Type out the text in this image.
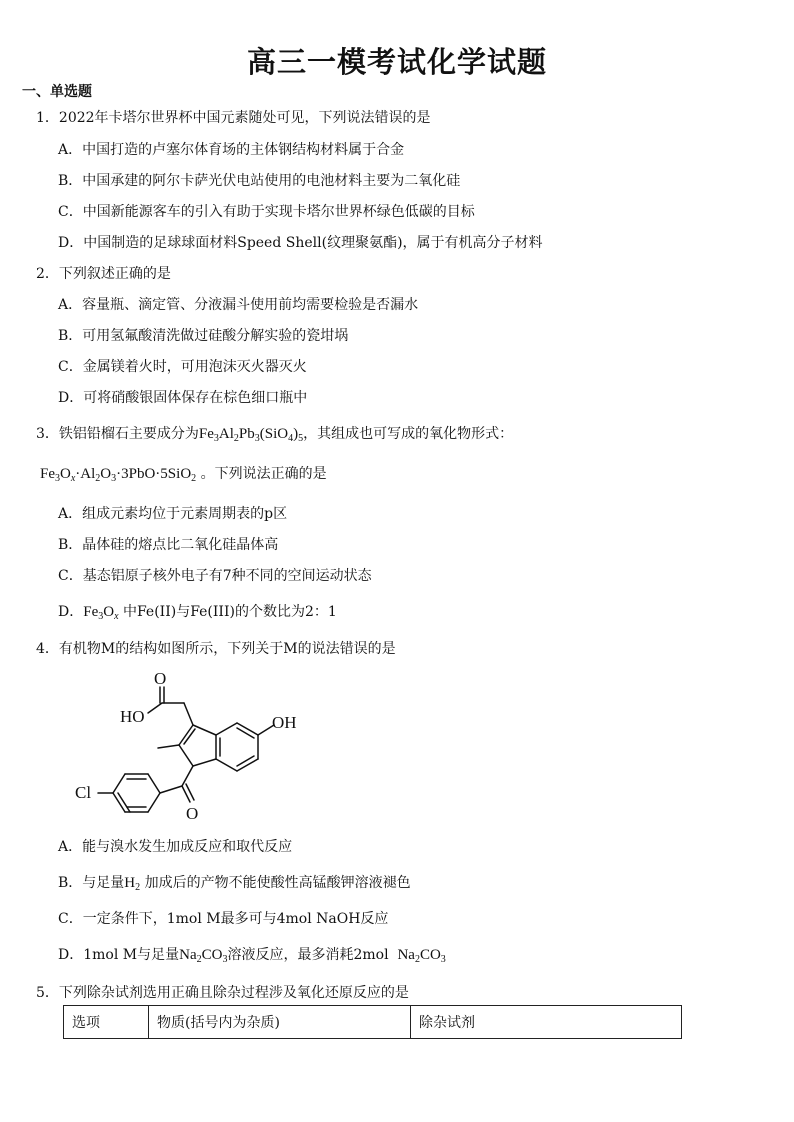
高三一模考试化学试题
一、单选题
1．2022年卡塔尔世界杯中国元素随处可见，下列说法错误的是
A．中国打造的卢塞尔体育场的主体钢结构材料属于合金
B．中国承建的阿尔卡萨光伏电站使用的电池材料主要为二氧化硅
C．中国新能源客车的引入有助于实现卡塔尔世界杯绿色低碳的目标
D．中国制造的足球球面材料Speed Shell(纹理聚氨酯)，属于有机高分子材料
2．下列叙述正确的是
A．容量瓶、滴定管、分液漏斗使用前均需要检验是否漏水
B．可用氢氟酸清洗做过硅酸分解实验的瓷坩埚
C．金属镁着火时，可用泡沫灭火器灭火
D．可将硝酸银固体保存在棕色细口瓶中
3．铁铝铅榴石主要成分为$Fe_3Al_2Pb_3(SiO_4)_5$，其组成也可写成的氧化物形式：
$Fe_3O_x\cdot Al_2O_3\cdot 3PbO\cdot 5SiO_2$ 。下列说法正确的是
A．组成元素均位于元素周期表的p区
B．晶体硅的熔点比二氧化硅晶体高
C．基态铝原子核外电子有7种不同的空间运动状态
D．$Fe_3O_x$ 中Fe(II)与Fe(III)的个数比为2：1
4．有机物M的结构如图所示，下列关于M的说法错误的是
O
HO	OH
Cl
O
A．能与溴水发生加成反应和取代反应
B．与足量$H_2$ 加成后的产物不能使酸性高锰酸钾溶液褪色
C．一定条件下，1mol M最多可与4mol NaOH反应
D．1mol M与足量$Na_2CO_3$溶液反应，最多消耗2mol $Na_2CO_3$
5．下列除杂试剂选用正确且除杂过程涉及氧化还原反应的是
选项	物质(括号内为杂质)	除杂试剂
